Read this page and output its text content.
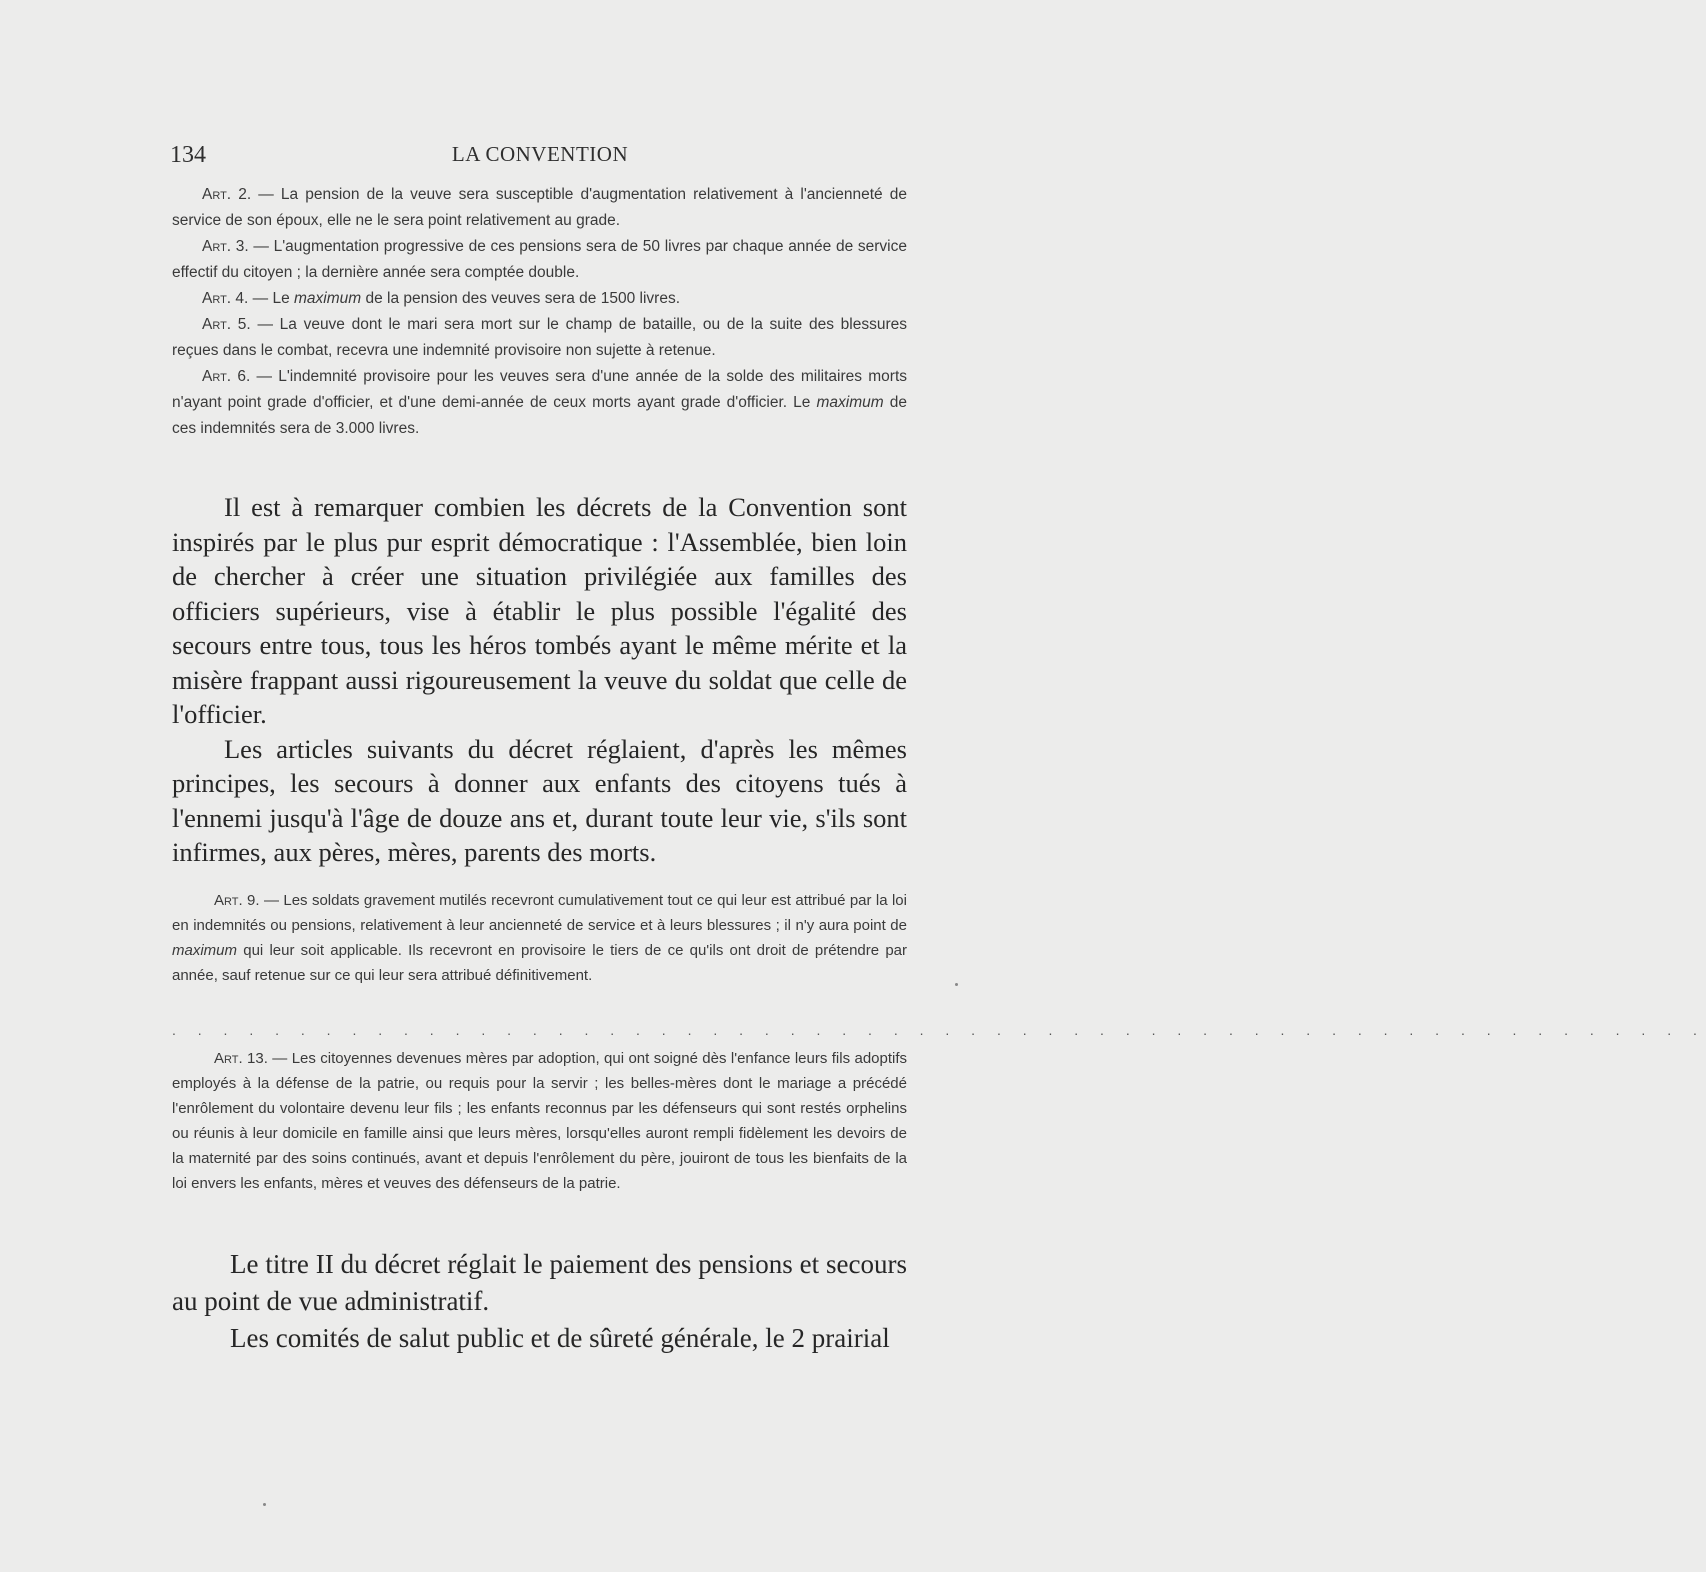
134	LA CONVENTION

Art. 2. — La pension de la veuve sera susceptible d'augmentation relativement à l'ancienneté de service de son époux, elle ne le sera point relativement au grade.

Art. 3. — L'augmentation progressive de ces pensions sera de 50 livres par chaque année de service effectif du citoyen ; la dernière année sera comptée double.

Art. 4. — Le maximum de la pension des veuves sera de 1500 livres.

Art. 5. — La veuve dont le mari sera mort sur le champ de bataille, ou de la suite des blessures reçues dans le combat, recevra une indemnité provisoire non sujette à retenue.

Art. 6. — L'indemnité provisoire pour les veuves sera d'une année de la solde des militaires morts n'ayant point grade d'officier, et d'une demi-année de ceux morts ayant grade d'officier. Le maximum de ces indemnités sera de 3.000 livres.

Il est à remarquer combien les décrets de la Convention sont inspirés par le plus pur esprit démocratique : l'Assemblée, bien loin de chercher à créer une situation privilégiée aux familles des officiers supérieurs, vise à établir le plus possible l'égalité des secours entre tous, tous les héros tombés ayant le même mérite et la misère frappant aussi rigoureusement la veuve du soldat que celle de l'officier.

Les articles suivants du décret réglaient, d'après les mêmes principes, les secours à donner aux enfants des citoyens tués à l'ennemi jusqu'à l'âge de douze ans et, durant toute leur vie, s'ils sont infirmes, aux pères, mères, parents des morts.

Art. 9. — Les soldats gravement mutilés recevront cumulativement tout ce qui leur est attribué par la loi en indemnités ou pensions, relativement à leur ancienneté de service et à leurs blessures ; il n'y aura point de maximum qui leur soit applicable. Ils recevront en provisoire le tiers de ce qu'ils ont droit de prétendre par année, sauf retenue sur ce qui leur sera attribué définitivement.

. . . . . . . . . . . . . . . . . . . . . . . . . . . . . . . . . . . . . . . . . . . . . . . . . . . . . . . . . . . .

Art. 13. — Les citoyennes devenues mères par adoption, qui ont soigné dès l'enfance leurs fils adoptifs employés à la défense de la patrie, ou requis pour la servir ; les belles-mères dont le mariage a précédé l'enrôlement du volontaire devenu leur fils ; les enfants reconnus par les défenseurs qui sont restés orphelins ou réunis à leur domicile en famille ainsi que leurs mères, lorsqu'elles auront rempli fidèlement les devoirs de la maternité par des soins continués, avant et depuis l'enrôlement du père, jouiront de tous les bienfaits de la loi envers les enfants, mères et veuves des défenseurs de la patrie.

Le titre II du décret réglait le paiement des pensions et secours au point de vue administratif.

Les comités de salut public et de sûreté générale, le 2 prairial
